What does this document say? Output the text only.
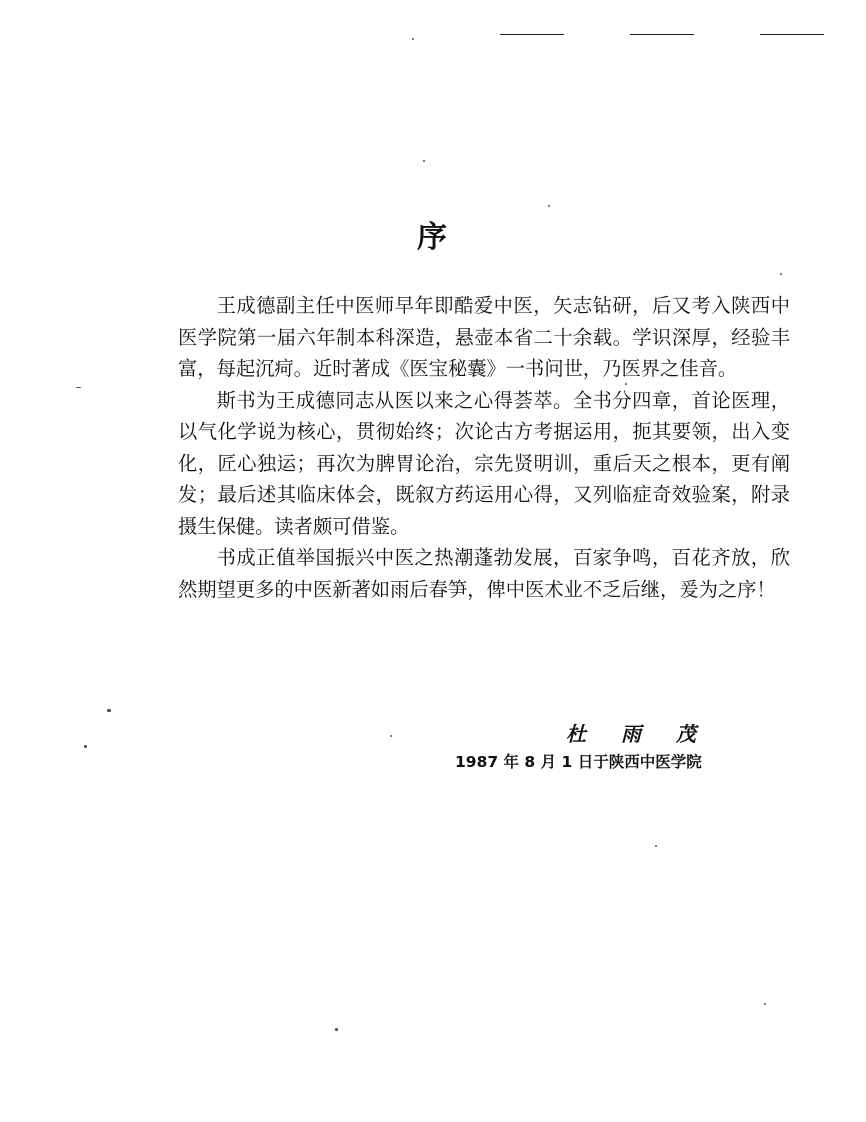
序

王成德副主任中医师早年即酷爱中医，矢志钻研，后又考入陕西中医学院第一届六年制本科深造，悬壶本省二十余载。学识深厚，经验丰富，每起沉疴。近时著成《医宝秘囊》一书问世，乃医界之佳音。

斯书为王成德同志从医以来之心得荟萃。全书分四章，首论医理，以气化学说为核心，贯彻始终；次论古方考据运用，扼其要领，出入变化，匠心独运；再次为脾胃论治，宗先贤明训，重后天之根本，更有阐发；最后述其临床体会，既叙方药运用心得，又列临症奇效验案，附录摄生保健。读者颇可借鉴。

书成正值举国振兴中医之热潮蓬勃发展，百家争鸣，百花齐放，欣然期望更多的中医新著如雨后春笋，俾中医术业不乏后继，爰为之序！

杜 雨 茂
1987 年 8 月 1 日于陕西中医学院
